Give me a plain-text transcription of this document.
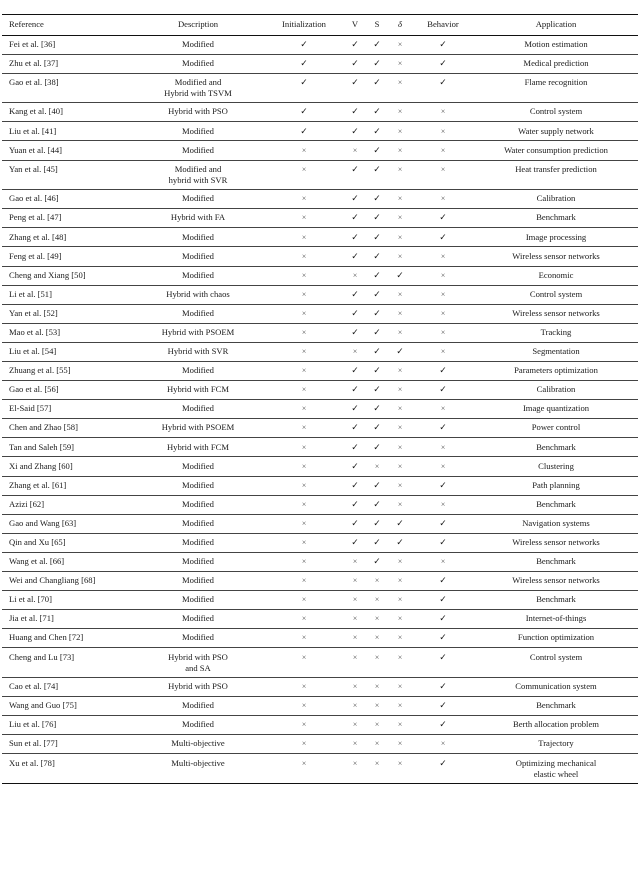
Reference	Description	Initialization	V	S	δ	Behavior	Application

Fei et al. [36]	Modified	✓	✓	✓	×	✓	Motion estimation

Zhu et al. [37]	Modified	✓	✓	✓	×	✓	Medical prediction

Gao et al. [38]	Modified and
Hybrid with TSVM	✓	✓	✓	×	✓	Flame recognition

Kang et al. [40]	Hybrid with PSO	✓	✓	✓	×	×	Control system

Liu et al. [41]	Modified	✓	✓	✓	×	×	Water supply network

Yuan et al. [44]	Modified	×	×	✓	×	×	Water consumption prediction

Yan et al. [45]	Modified and
hybrid with SVR	×	✓	✓	×	×	Heat transfer prediction

Gao et al. [46]	Modified	×	✓	✓	×	×	Calibration

Peng et al. [47]	Hybrid with FA	×	✓	✓	×	✓	Benchmark

Zhang et al. [48]	Modified	×	✓	✓	×	✓	Image processing

Feng et al. [49]	Modified	×	✓	✓	×	×	Wireless sensor networks

Cheng and Xiang [50]	Modified	×	×	✓	✓	×	Economic

Li et al. [51]	Hybrid with chaos	×	✓	✓	×	×	Control system

Yan et al. [52]	Modified	×	✓	✓	×	×	Wireless sensor networks

Mao et al. [53]	Hybrid with PSOEM	×	✓	✓	×	×	Tracking

Liu et al. [54]	Hybrid with SVR	×	×	✓	✓	×	Segmentation

Zhuang et al. [55]	Modified	×	✓	✓	×	✓	Parameters optimization

Gao et al. [56]	Hybrid with FCM	×	✓	✓	×	✓	Calibration

El-Said [57]	Modified	×	✓	✓	×	×	Image quantization

Chen and Zhao [58]	Hybrid with PSOEM	×	✓	✓	×	✓	Power control

Tan and Saleh [59]	Hybrid with FCM	×	✓	✓	×	×	Benchmark

Xi and Zhang [60]	Modified	×	✓	×	×	×	Clustering

Zhang et al. [61]	Modified	×	✓	✓	×	✓	Path planning

Azizi [62]	Modified	×	✓	✓	×	×	Benchmark

Gao and Wang [63]	Modified	×	✓	✓	✓	✓	Navigation systems

Qin and Xu [65]	Modified	×	✓	✓	✓	✓	Wireless sensor networks

Wang et al. [66]	Modified	×	×	✓	×	×	Benchmark

Wei and Changliang [68]	Modified	×	×	×	×	✓	Wireless sensor networks

Li et al. [70]	Modified	×	×	×	×	✓	Benchmark

Jia et al. [71]	Modified	×	×	×	×	✓	Internet-of-things

Huang and Chen [72]	Modified	×	×	×	×	✓	Function optimization

Cheng and Lu [73]	Hybrid with PSO
and SA	×	×	×	×	✓	Control system

Cao et al. [74]	Hybrid with PSO	×	×	×	×	✓	Communication system

Wang and Guo [75]	Modified	×	×	×	×	✓	Benchmark

Liu et al. [76]	Modified	×	×	×	×	✓	Berth allocation problem

Sun et al. [77]	Multi-objective	×	×	×	×	×	Trajectory

Xu et al. [78]	Multi-objective	×	×	×	×	✓	Optimizing mechanical
elastic wheel
